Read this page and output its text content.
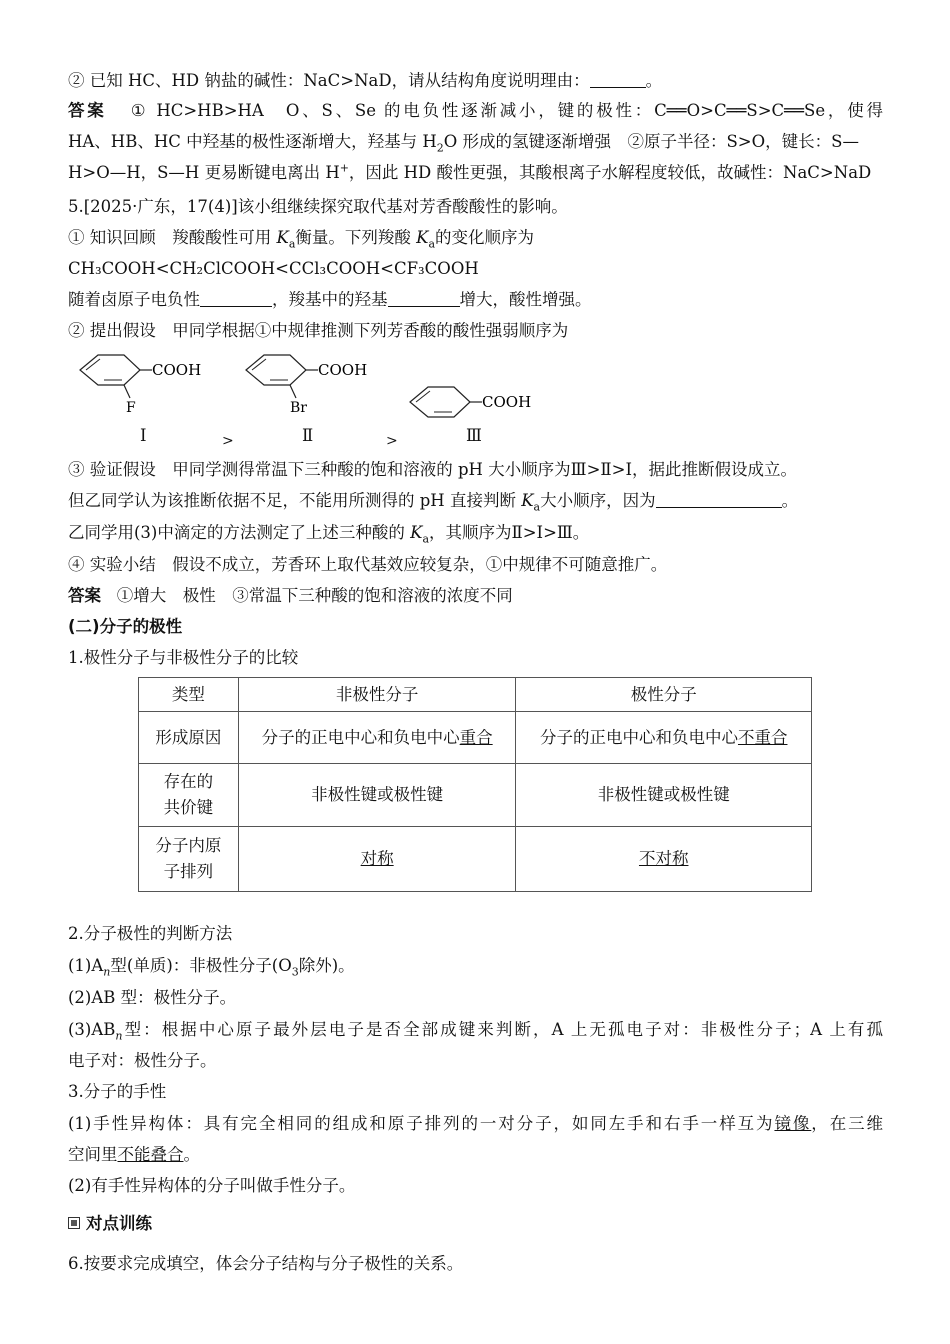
② 已知 HC、HD 钠盐的碱性：NaC>NaD，请从结构角度说明理由：	。
答案 ① HC>HB>HA　O、S、Se 的电负性逐渐减小，键的极性：C══O>C══S>C══Se，使得
HA、HB、HC 中羟基的极性逐渐增大，羟基与 $H_2O$ 形成的氢键逐渐增强　②原子半径：S>O，键长：S—
H>O—H，S—H 更易断键电离出 H+，因此 HD 酸性更强，其酸根离子水解程度较低，故碱性：NaC>NaD
5.[2025·广东，17(4)]该小组继续探究取代基对芳香酸酸性的影响。
① 知识回顾　羧酸酸性可用 $K_a$衡量。下列羧酸 $K_a$的变化顺序为
CH₃COOH<CH₂ClCOOH<CCl₃COOH<CF₃COOH
随着卤原子电负性	，羧基中的羟基	增大，酸性增强。
② 提出假设　甲同学根据①中规律推测下列芳香酸的酸性强弱顺序为
COOH
F
COOH
Br	COOH
Ⅰ	>	Ⅱ	>	Ⅲ
③ 验证假设　甲同学测得常温下三种酸的饱和溶液的 pH 大小顺序为Ⅲ>Ⅱ>Ⅰ，据此推断假设成立。
但乙同学认为该推断依据不足，不能用所测得的 pH 直接判断 $K_a$大小顺序，因为	。
乙同学用(3)中滴定的方法测定了上述三种酸的 $K_a$，其顺序为Ⅱ>Ⅰ>Ⅲ。
④ 实验小结　假设不成立，芳香环上取代基效应较复杂，①中规律不可随意推广。
答案 ①增大　极性　③常温下三种酸的饱和溶液的浓度不同
(二)分子的极性
1.极性分子与非极性分子的比较
类型	非极性分子	极性分子
形成原因	分子的正电中心和负电中心重合	分子的正电中心和负电中心不重合
存在的
共价键	非极性键或极性键	非极性键或极性键
分子内原
子排列	对称	不对称
2.分子极性的判断方法
$(1)A_n$型(单质)：非极性分子($O_3$除外)。
(2)AB 型：极性分子。
$(3)AB_n$型：根据中心原子最外层电子是否全部成键来判断，A 上无孤电子对：非极性分子；A 上有孤
电子对：极性分子。
3.分子的手性
(1)手性异构体：具有完全相同的组成和原子排列的一对分子，如同左手和右手一样互为镜像，在三维
空间里不能叠合。
(2)有手性异构体的分子叫做手性分子。
对点训练
6.按要求完成填空，体会分子结构与分子极性的关系。
